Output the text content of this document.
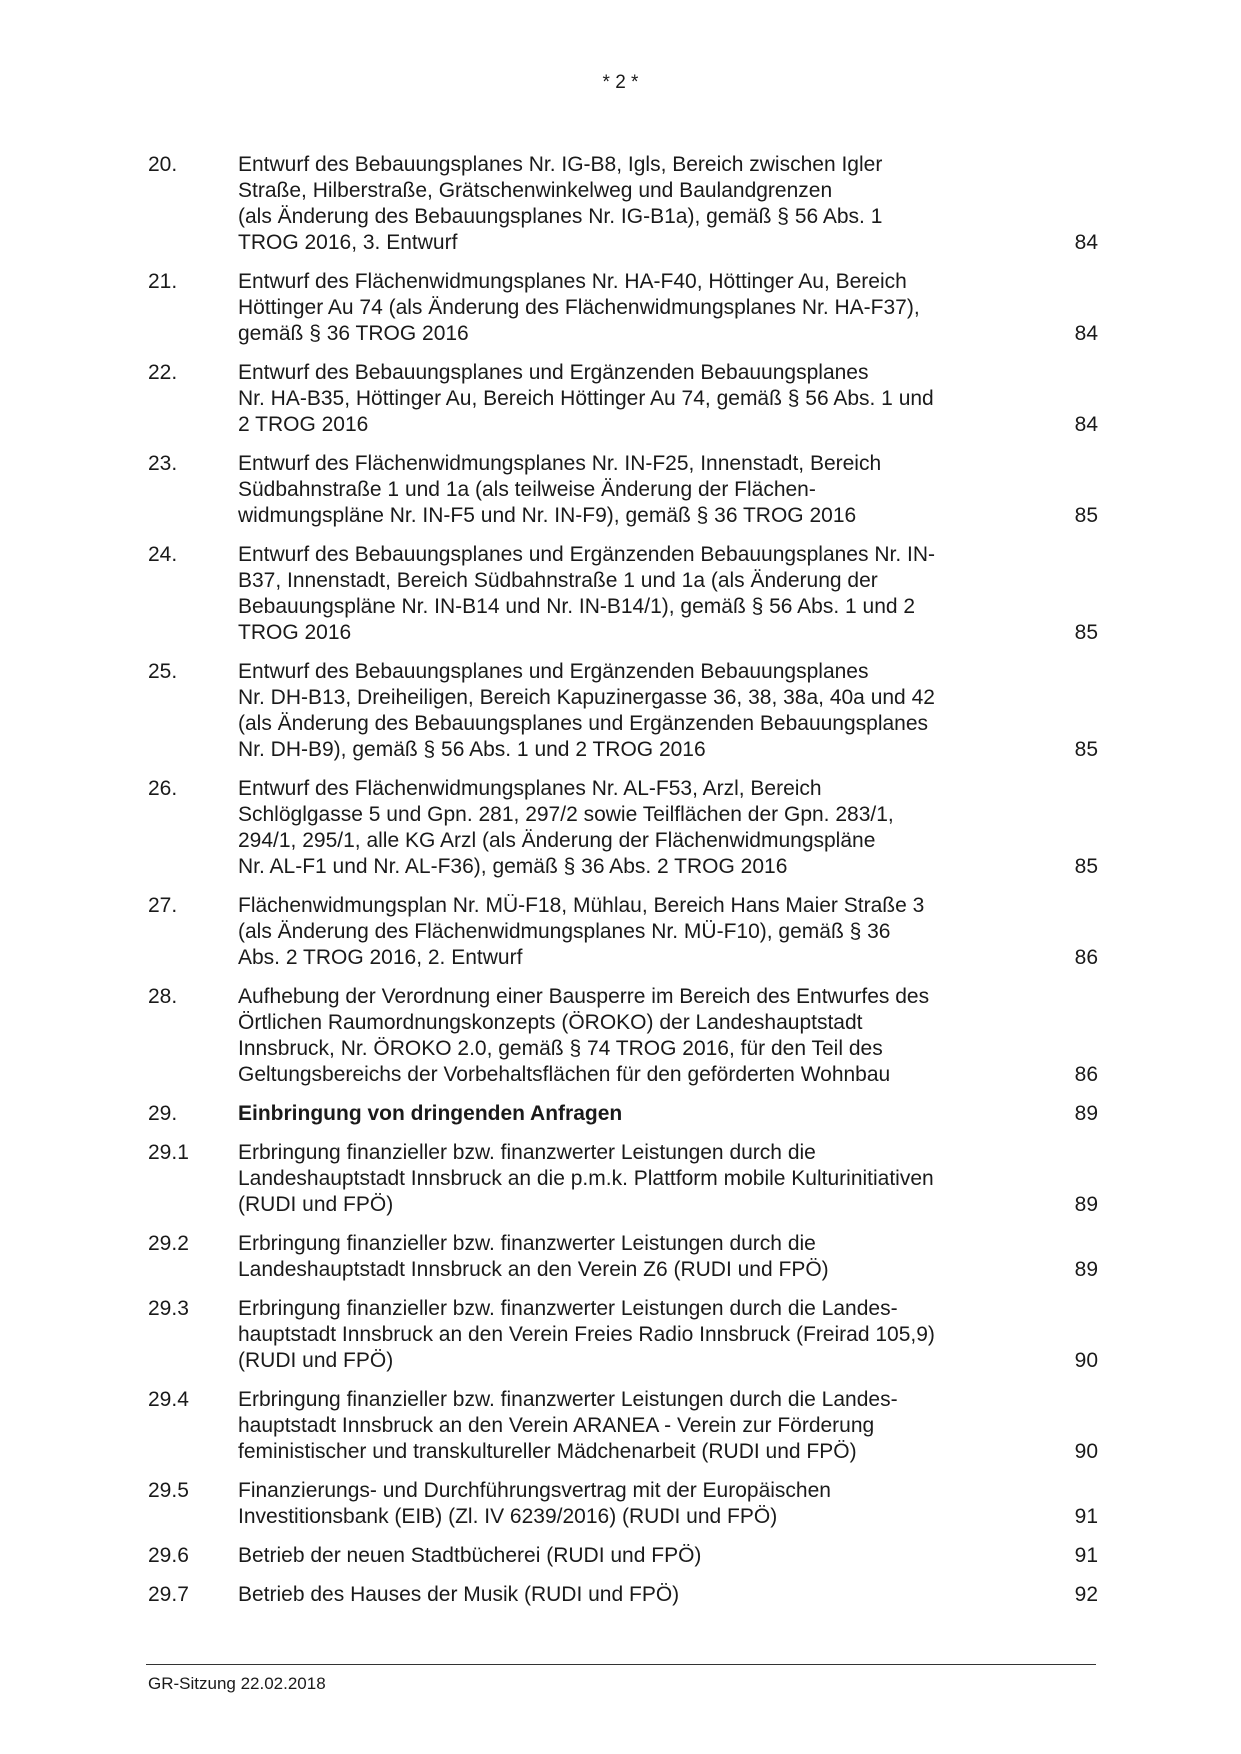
* 2 *
20.	Entwurf des Bebauungsplanes Nr. IG-B8, Igls, Bereich zwischen Igler
Straße, Hilberstraße, Grätschenwinkelweg und Baulandgrenzen
(als Änderung des Bebauungsplanes Nr. IG-B1a), gemäß § 56 Abs. 1
TROG 2016, 3. Entwurf	84
21.	Entwurf des Flächenwidmungsplanes Nr. HA-F40, Höttinger Au, Bereich
Höttinger Au 74 (als Änderung des Flächenwidmungsplanes Nr. HA-F37),
gemäß § 36 TROG 2016	84
22.	Entwurf des Bebauungsplanes und Ergänzenden Bebauungsplanes
Nr. HA-B35, Höttinger Au, Bereich Höttinger Au 74, gemäß § 56 Abs. 1 und
2 TROG 2016	84
23.	Entwurf des Flächenwidmungsplanes Nr. IN-F25, Innenstadt, Bereich
Südbahnstraße 1 und 1a (als teilweise Änderung der Flächen-
widmungspläne Nr. IN-F5 und Nr. IN-F9), gemäß § 36 TROG 2016	85
24.	Entwurf des Bebauungsplanes und Ergänzenden Bebauungsplanes Nr. IN-
B37, Innenstadt, Bereich Südbahnstraße 1 und 1a (als Änderung der
Bebauungspläne Nr. IN-B14 und Nr. IN-B14/1), gemäß § 56 Abs. 1 und 2
TROG 2016	85
25.	Entwurf des Bebauungsplanes und Ergänzenden Bebauungsplanes
Nr. DH-B13, Dreiheiligen, Bereich Kapuzinergasse 36, 38, 38a, 40a und 42
(als Änderung des Bebauungsplanes und Ergänzenden Bebauungsplanes
Nr. DH-B9), gemäß § 56 Abs. 1 und 2 TROG 2016	85
26.	Entwurf des Flächenwidmungsplanes Nr. AL-F53, Arzl, Bereich
Schlöglgasse 5 und Gpn. 281, 297/2 sowie Teilflächen der Gpn. 283/1,
294/1, 295/1, alle KG Arzl (als Änderung der Flächenwidmungspläne
Nr. AL-F1 und Nr. AL-F36), gemäß § 36 Abs. 2 TROG 2016	85
27.	Flächenwidmungsplan Nr. MÜ-F18, Mühlau, Bereich Hans Maier Straße 3
(als Änderung des Flächenwidmungsplanes Nr. MÜ-F10), gemäß § 36
Abs. 2 TROG 2016, 2. Entwurf	86
28.	Aufhebung der Verordnung einer Bausperre im Bereich des Entwurfes des
Örtlichen Raumordnungskonzepts (ÖROKO) der Landeshauptstadt
Innsbruck, Nr. ÖROKO 2.0, gemäß § 74 TROG 2016, für den Teil des
Geltungsbereichs der Vorbehaltsflächen für den geförderten Wohnbau	86
29.	Einbringung von dringenden Anfragen	89
29.1	Erbringung finanzieller bzw. finanzwerter Leistungen durch die
Landeshauptstadt Innsbruck an die p.m.k. Plattform mobile Kulturinitiativen
(RUDI und FPÖ)	89
29.2	Erbringung finanzieller bzw. finanzwerter Leistungen durch die
Landeshauptstadt Innsbruck an den Verein Z6 (RUDI und FPÖ)	89
29.3	Erbringung finanzieller bzw. finanzwerter Leistungen durch die Landes-
hauptstadt Innsbruck an den Verein Freies Radio Innsbruck (Freirad 105,9)
(RUDI und FPÖ)	90
29.4	Erbringung finanzieller bzw. finanzwerter Leistungen durch die Landes-
hauptstadt Innsbruck an den Verein ARANEA - Verein zur Förderung
feministischer und transkultureller Mädchenarbeit (RUDI und FPÖ)	90
29.5	Finanzierungs- und Durchführungsvertrag mit der Europäischen
Investitionsbank (EIB) (Zl. IV 6239/2016) (RUDI und FPÖ)	91
29.6	Betrieb der neuen Stadtbücherei (RUDI und FPÖ)	91
29.7	Betrieb des Hauses der Musik (RUDI und FPÖ)	92
GR-Sitzung 22.02.2018
